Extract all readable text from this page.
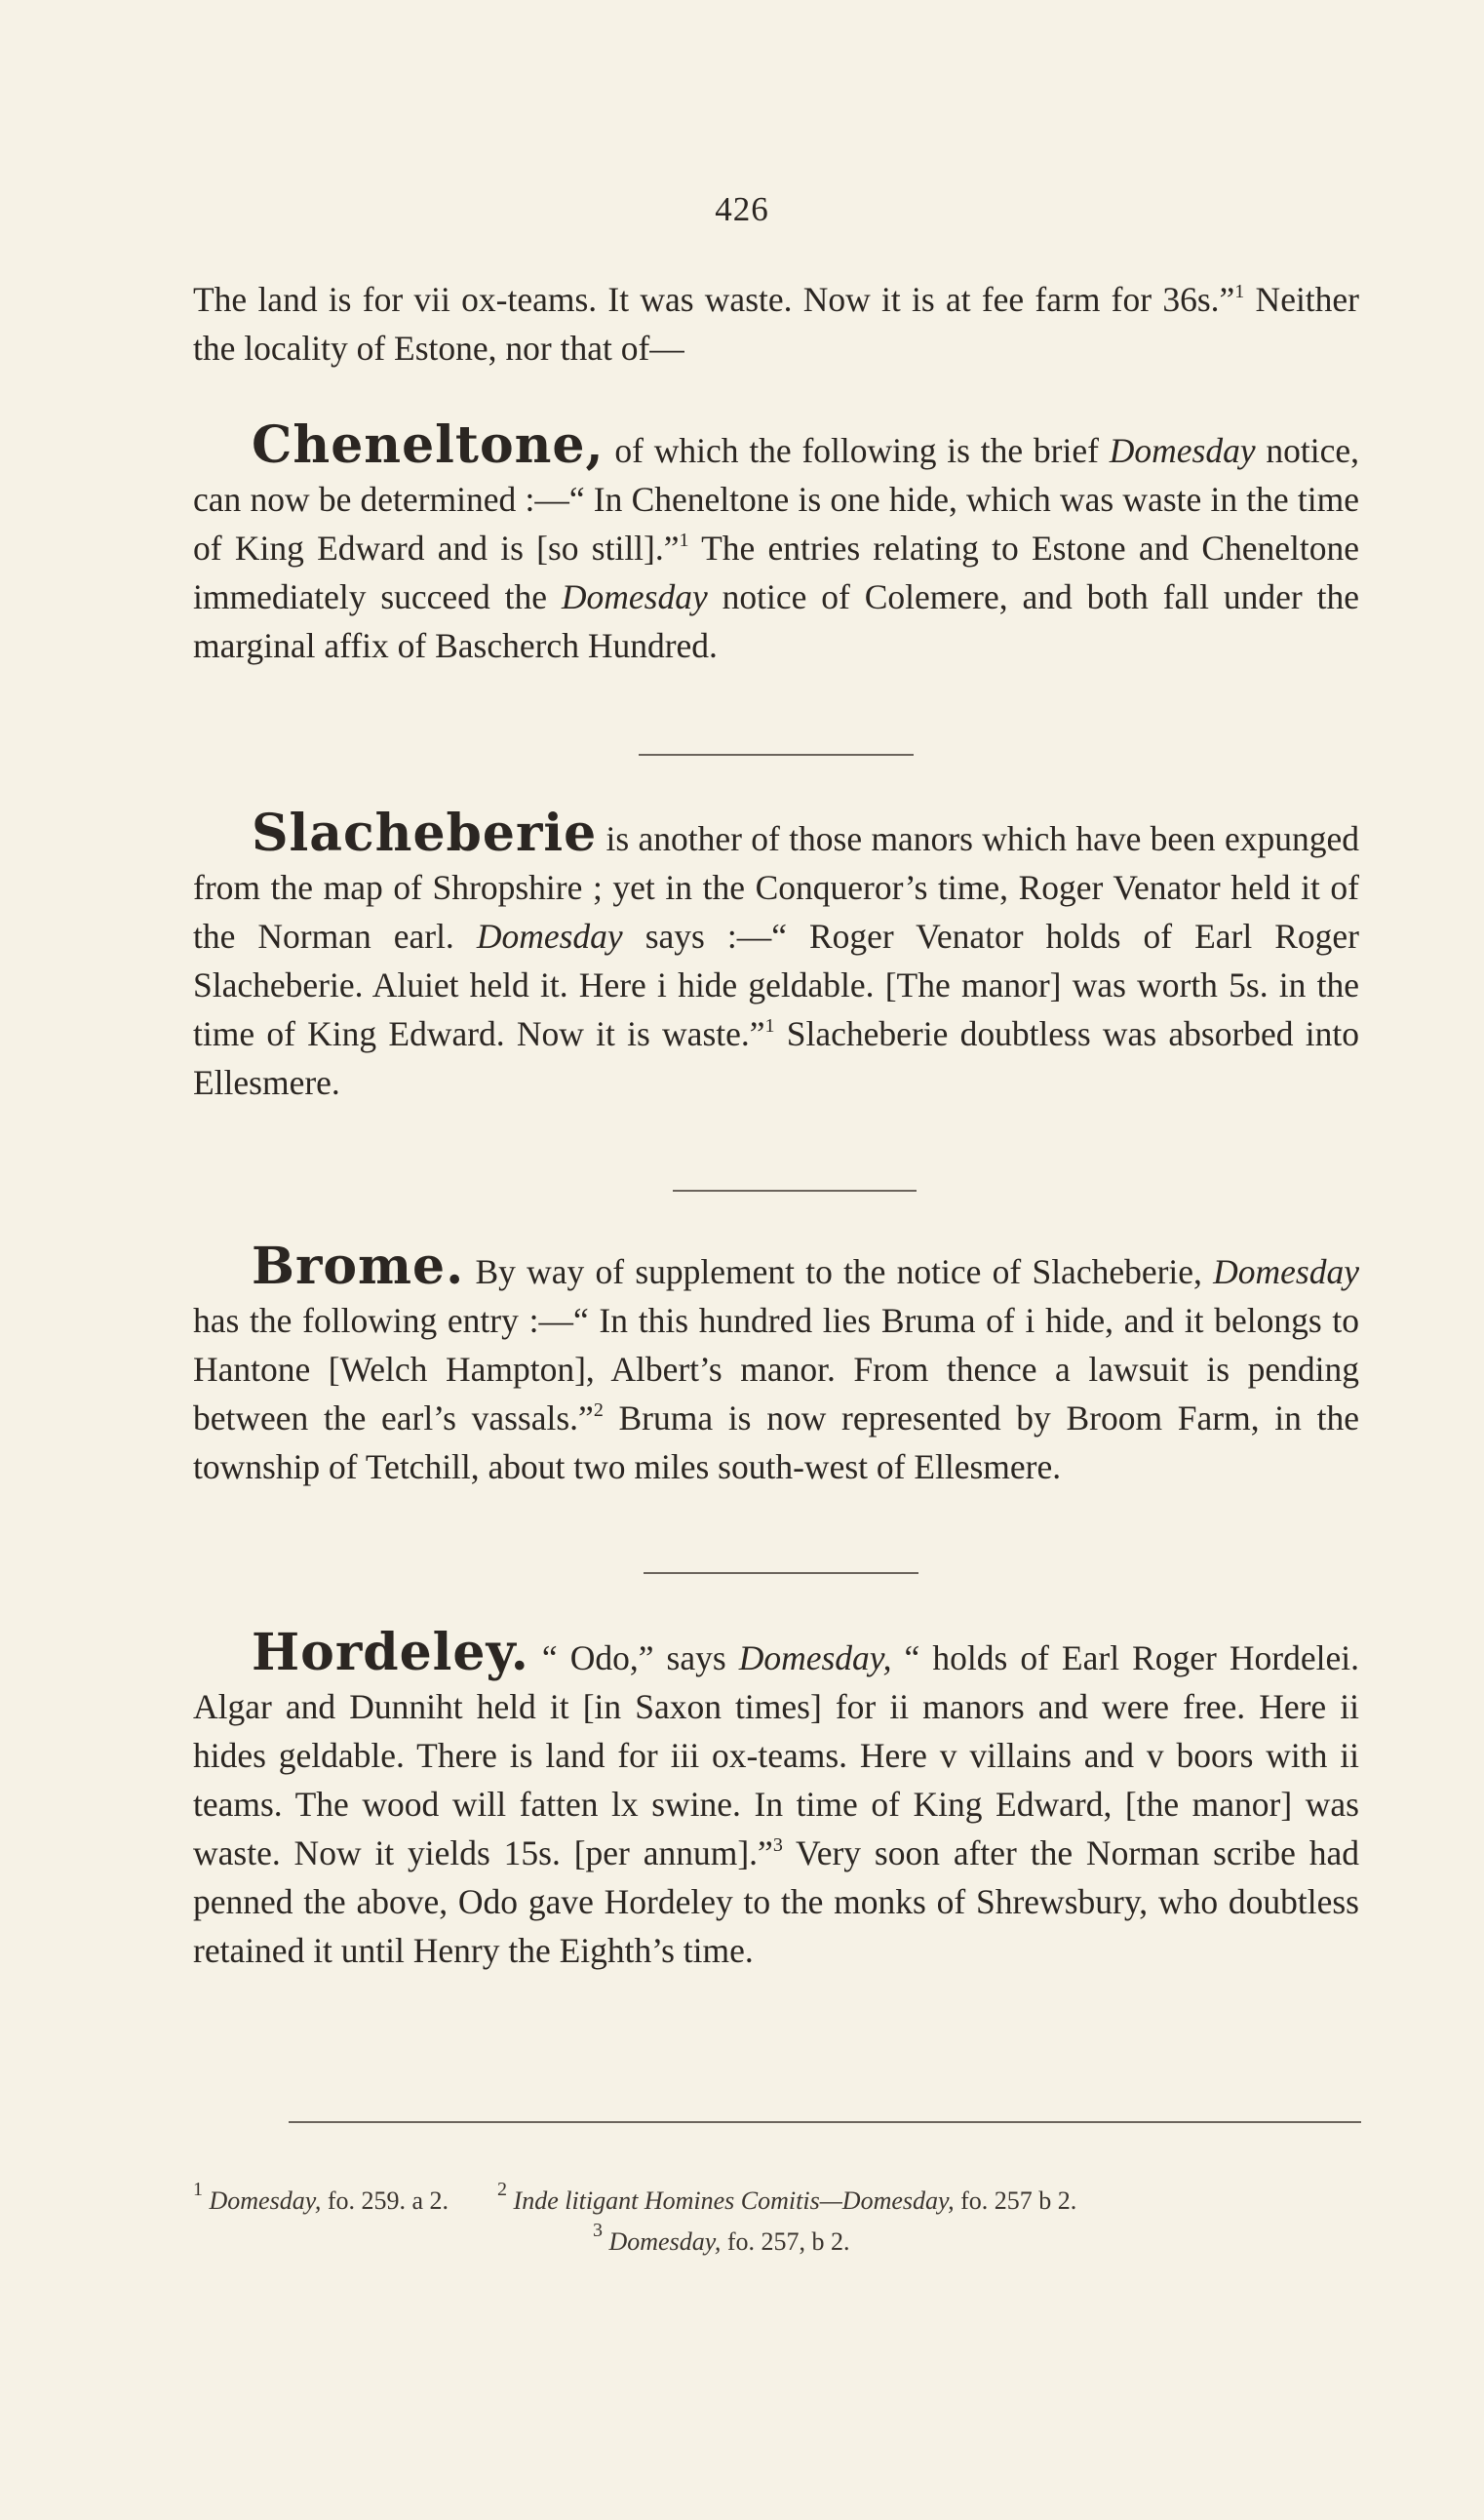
426

The land is for vii ox-teams. It was waste. Now it is at fee farm for 36s.”$^1$ Neither the locality of Estone, nor that of—

Cheneltone, of which the following is the brief Domesday notice, can now be determined :—“ In Cheneltone is one hide, which was waste in the time of King Edward and is [so still].”$^1$ The entries relating to Estone and Cheneltone immediately succeed the Domesday notice of Colemere, and both fall under the marginal affix of Bascherch Hundred.

Slacheberie is another of those manors which have been expunged from the map of Shropshire ; yet in the Conqueror’s time, Roger Venator held it of the Norman earl. Domesday says :—“ Roger Venator holds of Earl Roger Slacheberie. Aluiet held it. Here i hide geldable. [The manor] was worth 5s. in the time of King Edward. Now it is waste.”$^1$ Slacheberie doubtless was absorbed into Ellesmere.

Brome. By way of supplement to the notice of Slacheberie, Domesday has the following entry :—“ In this hundred lies Bruma of i hide, and it belongs to Hantone [Welch Hampton], Albert’s manor. From thence a lawsuit is pending between the earl’s vassals.”$^2$ Bruma is now represented by Broom Farm, in the township of Tetchill, about two miles south-west of Ellesmere.

Hordeley. “ Odo,” says Domesday, “ holds of Earl Roger Hordelei. Algar and Dunniht held it [in Saxon times] for ii manors and were free. Here ii hides geldable. There is land for iii ox-teams. Here v villains and v boors with ii teams. The wood will fatten lx swine. In time of King Edward, [the manor] was waste. Now it yields 15s. [per annum].”$^3$ Very soon after the Norman scribe had penned the above, Odo gave Hordeley to the monks of Shrewsbury, who doubtless retained it until Henry the Eighth’s time.

$^1$ Domesday, fo. 259. a 2.	$^2$ Inde litigant Homines Comitis—Domesday, fo. 257 b 2.
$^3$ Domesday, fo. 257, b 2.
